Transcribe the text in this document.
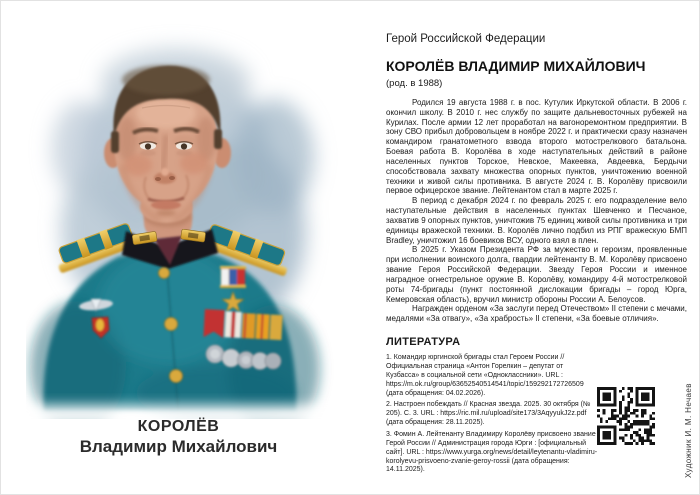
КОРОЛЁВ
Владимир Михайлович
Герой Российской Федерации
КОРОЛЁВ ВЛАДИМИР МИХАЙЛОВИЧ
(род. в 1988)

Родился 19 августа 1988 г. в пос. Кутулик Иркутской области. В 2006 г. окончил школу. В 2010 г. нес службу по защите дальневосточных рубежей на Курилах. После армии 12 лет проработал на вагоноремонтном предприятии. В зону СВО прибыл добровольцем в ноябре 2022 г. и практически сразу назначен командиром гранатометного взвода второго мотострелкового батальона. Боевая работа В. Королёва в ходе наступательных действий в районе населенных пунктов Торское, Невское, Макеевка, Авдеевка, Бердычи способствовала захвату множества опорных пунктов, уничтожению военной техники и живой силы противника. В августе 2024 г. В. Королёву присвоили первое офицерское звание. Лейтенантом стал в марте 2025 г.

В период с декабря 2024 г. по февраль 2025 г. его подразделение вело наступательные действия в населенных пунктах Шевченко и Песчаное, захватив 9 опорных пунктов, уничтожив 75 единиц живой силы противника и три единицы вражеской техники. В. Королёв лично подбил из РПГ вражескую БМП Bradley, уничтожил 16 боевиков ВСУ, одного взял в плен.

В 2025 г. Указом Президента РФ за мужество и героизм, проявленные при исполнении воинского долга, гвардии лейтенанту В. М. Королёву присвоено звание Героя Российской Федерации. Звезду Героя России и именное наградное огнестрельное оружие В. Королёву, командиру 4-й мотострелковой роты 74-бригады (пункт постоянной дислокации бригады – город Юрга, Кемеровская область), вручил министр обороны России А. Белоусов.

Награжден орденом «За заслуги перед Отечеством» II степени с мечами, медалями «За отвагу», «За храбрость» II степени, «За боевые отличия».

ЛИТЕРАТУРА

1. Командир юргинской бригады стал Героем России // Официальная страница «Антон Горелкин – депутат от Кузбасса» в социальной сети «Одноклассники». URL : https://m.ok.ru/group/63652540514541/topic/159292172726509 (дата обращения: 04.02.2026).

2. Настроен побеждать // Красная звезда. 2025. 30 октября (№ 205). С. 3. URL : https://ric.mil.ru/upload/site173/3AqyyukJ2z.pdf (дата обращения: 28.11.2025).

3. Фомин А. Лейтенанту Владимиру Королёву присвоено звание Герой России // Администрация города Юрги : [официальный сайт]. URL : https://www.yurga.org/news/detail/leytenantu-vladimiru-korolyevu-prisvoeno-zvanie-geroy-rossii (дата обращения: 14.11.2025).	Художник И. М. Нечаев
